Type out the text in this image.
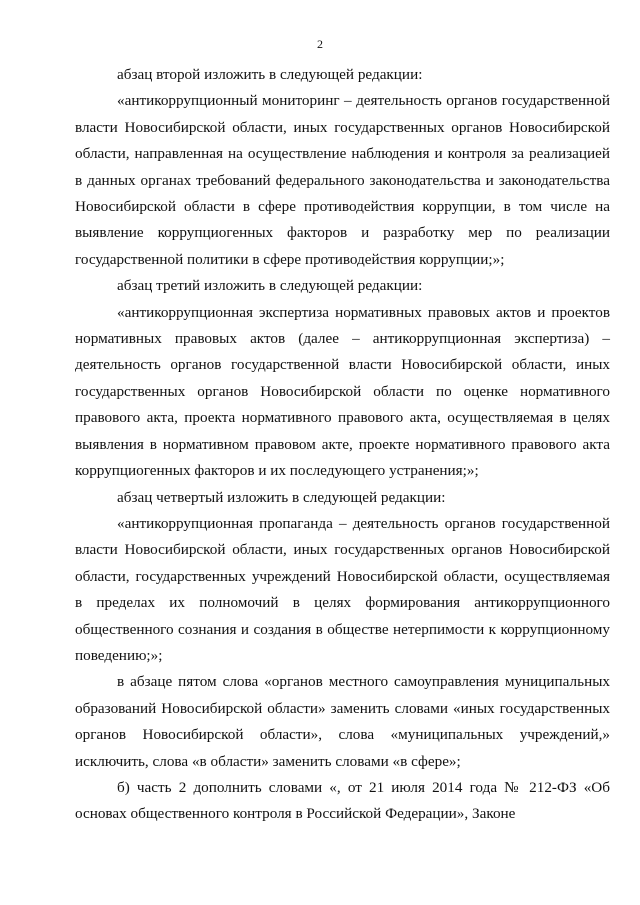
2

абзац второй изложить в следующей редакции:

«антикоррупционный мониторинг – деятельность органов государственной власти Новосибирской области, иных государственных органов Новосибирской области, направленная на осуществление наблюдения и контроля за реализацией в данных органах требований федерального законодательства и законодательства Новосибирской области в сфере противодействия коррупции, в том числе на выявление коррупциогенных факторов и разработку мер по реализации государственной политики в сфере противодействия коррупции;»;

абзац третий изложить в следующей редакции:

«антикоррупционная экспертиза нормативных правовых актов и проектов нормативных правовых актов (далее – антикоррупционная экспертиза) – деятельность органов государственной власти Новосибирской области, иных государственных органов Новосибирской области по оценке нормативного правового акта, проекта нормативного правового акта, осуществляемая в целях выявления в нормативном правовом акте, проекте нормативного правового акта коррупциогенных факторов и их последующего устранения;»;

абзац четвертый изложить в следующей редакции:

«антикоррупционная пропаганда – деятельность органов государственной власти Новосибирской области, иных государственных органов Новосибирской области, государственных учреждений Новосибирской области, осуществляемая в пределах их полномочий в целях формирования антикоррупционного общественного сознания и создания в обществе нетерпимости к коррупционному поведению;»;

в абзаце пятом слова «органов местного самоуправления муниципальных образований Новосибирской области» заменить словами «иных государственных органов Новосибирской области», слова «муниципальных учреждений,» исключить, слова «в области» заменить словами «в сфере»;

б) часть 2 дополнить словами «, от 21 июля 2014 года № 212-ФЗ «Об основах общественного контроля в Российской Федерации», Законе
